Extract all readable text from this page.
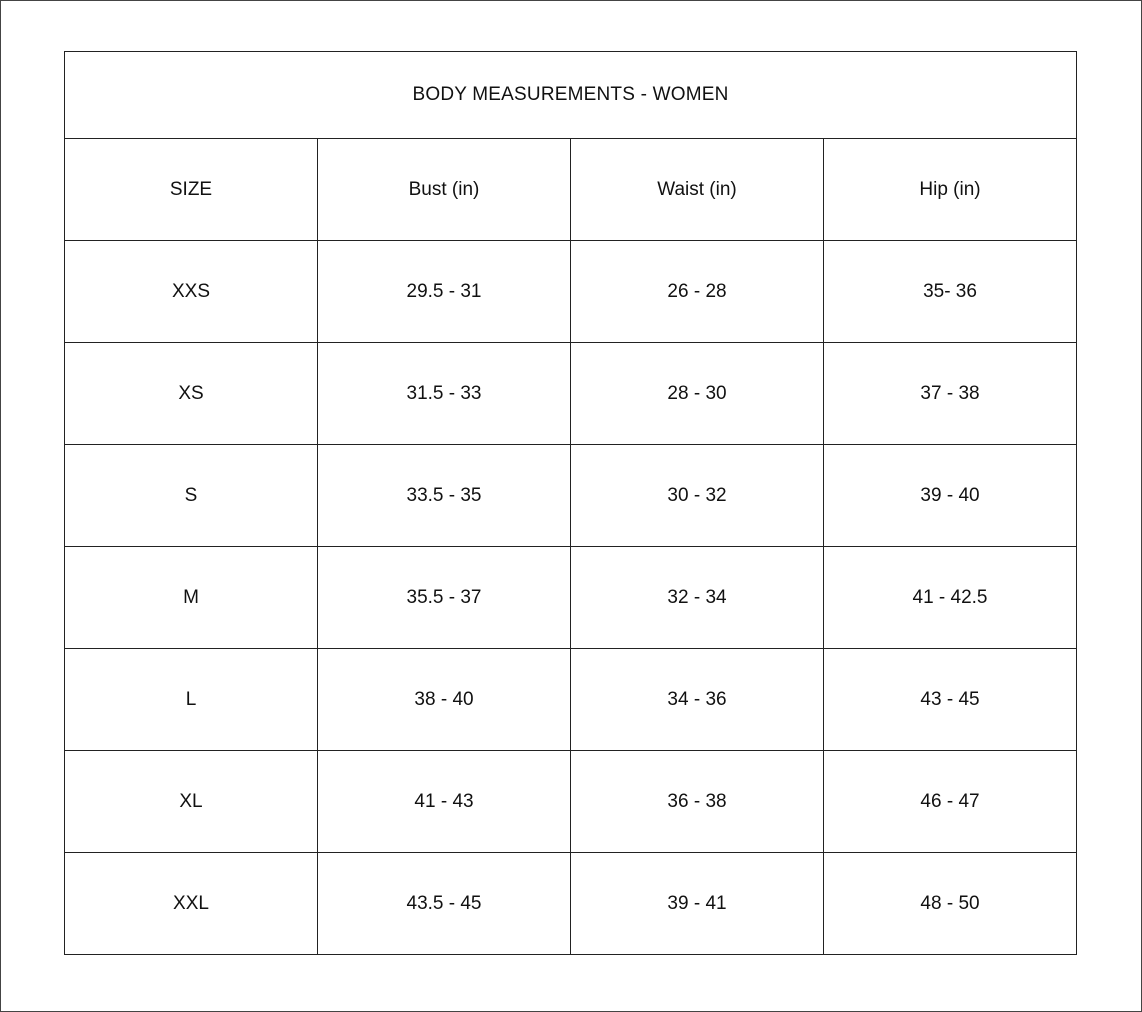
BODY MEASUREMENTS - WOMEN			
SIZE	Bust (in)	Waist (in)	Hip (in)
XXS	29.5 - 31	26 - 28	35- 36
XS	31.5 - 33	28 - 30	37 - 38
S	33.5 - 35	30 - 32	39 - 40
M	35.5 - 37	32 - 34	41 - 42.5
L	38 - 40	34 - 36	43 - 45
XL	41 - 43	36 - 38	46 - 47
XXL	43.5 - 45	39 - 41	48 - 50
